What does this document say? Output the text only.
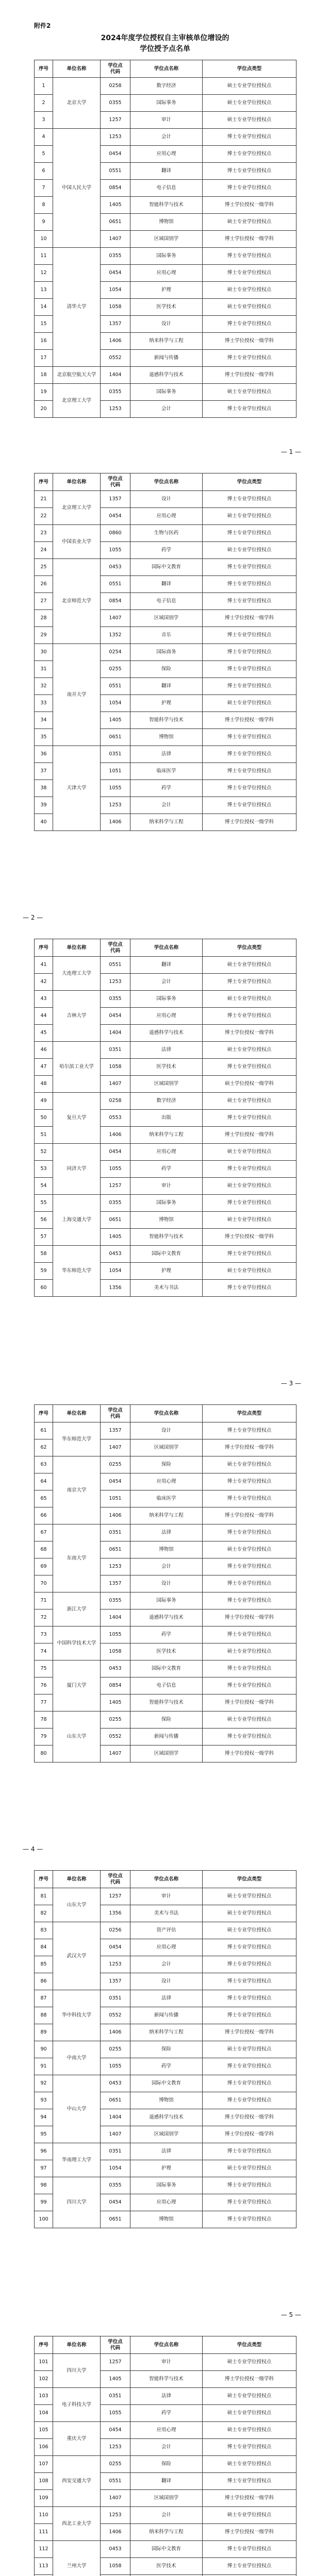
附件2
2024年度学位授权自主审核单位增设的
学位授予点名单
序号	单位名称	学位点代码	学位点名称	学位点类型
1	北京大学	0258	数字经济	硕士专业学位授权点
2		0355	国际事务	硕士专业学位授权点
3		1257	审计	硕士专业学位授权点
4	中国人民大学	1253	会计	博士专业学位授权点
5		0454	应用心理	博士专业学位授权点
6		0551	翻译	博士专业学位授权点
7		0854	电子信息	博士专业学位授权点
8		1405	智能科学与技术	博士学位授权一级学科
9		0651	博物馆	硕士专业学位授权点
10		1407	区域国别学	博士学位授权一级学科
11	清华大学	0355	国际事务	博士专业学位授权点
12		0454	应用心理	博士专业学位授权点
13		1054	护理	硕士专业学位授权点
14		1058	医学技术	硕士专业学位授权点
15		1357	设计	博士专业学位授权点
16		1406	纳米科学与工程	博士学位授权一级学科
17		0552	新闻与传播	博士专业学位授权点
18	北京航空航天大学	1404	遥感科学与技术	博士学位授权一级学科
19	北京理工大学	0355	国际事务	硕士专业学位授权点
20		1253	会计	博士专业学位授权点
— 1 —
序号	单位名称	学位点代码	学位点名称	学位点类型
21	北京理工大学	1357	设计	博士专业学位授权点
22		0454	应用心理	硕士专业学位授权点
23	中国农业大学	0860	生物与医药	博士专业学位授权点
24		1055	药学	硕士专业学位授权点
25	北京师范大学	0453	国际中文教育	博士专业学位授权点
26		0551	翻译	博士专业学位授权点
27		0854	电子信息	博士专业学位授权点
28		1407	区域国别学	博士学位授权一级学科
29		1352	音乐	博士专业学位授权点
30	南开大学	0254	国际商务	博士专业学位授权点
31		0255	保险	博士专业学位授权点
32		0551	翻译	博士专业学位授权点
33		1054	护理	硕士专业学位授权点
34		1405	智能科学与技术	博士学位授权一级学科
35		0651	博物馆	博士专业学位授权点
36	天津大学	0351	法律	博士专业学位授权点
37		1051	临床医学	博士专业学位授权点
38		1055	药学	博士专业学位授权点
39		1253	会计	博士专业学位授权点
40		1406	纳米科学与工程	博士学位授权一级学科
— 2 —
序号	单位名称	学位点代码	学位点名称	学位点类型
41	大连理工大学	0551	翻译	硕士专业学位授权点
42		1253	会计	博士专业学位授权点
43	吉林大学	0355	国际事务	硕士专业学位授权点
44		0454	应用心理	博士专业学位授权点
45		1404	遥感科学与技术	博士学位授权一级学科
46	哈尔滨工业大学	0351	法律	硕士专业学位授权点
47		1058	医学技术	博士专业学位授权点
48		1407	区域国别学	硕士学位授权一级学科
49	复旦大学	0258	数字经济	硕士专业学位授权点
50		0553	出版	博士专业学位授权点
51		1406	纳米科学与工程	博士学位授权一级学科
52	同济大学	0454	应用心理	硕士专业学位授权点
53		1055	药学	博士专业学位授权点
54		1257	审计	硕士专业学位授权点
55	上海交通大学	0355	国际事务	博士专业学位授权点
56		0651	博物馆	硕士专业学位授权点
57		1405	智能科学与技术	博士学位授权一级学科
58	华东师范大学	0453	国际中文教育	博士专业学位授权点
59		1054	护理	硕士专业学位授权点
60		1356	美术与书法	博士专业学位授权点
— 3 —
序号	单位名称	学位点代码	学位点名称	学位点类型
61	华东师范大学	1357	设计	博士专业学位授权点
62		1407	区域国别学	博士学位授权一级学科
63	南京大学	0255	保险	硕士专业学位授权点
64		0454	应用心理	博士专业学位授权点
65		1051	临床医学	博士专业学位授权点
66		1406	纳米科学与工程	博士学位授权一级学科
67	东南大学	0351	法律	博士专业学位授权点
68		0651	博物馆	硕士专业学位授权点
69		1253	会计	博士专业学位授权点
70		1357	设计	博士专业学位授权点
71	浙江大学	0355	国际事务	博士专业学位授权点
72		1404	遥感科学与技术	博士学位授权一级学科
73	中国科学技术大学	1055	药学	博士专业学位授权点
74		1058	医学技术	硕士专业学位授权点
75	厦门大学	0453	国际中文教育	博士专业学位授权点
76		0854	电子信息	博士专业学位授权点
77		1405	智能科学与技术	博士学位授权一级学科
78	山东大学	0255	保险	硕士专业学位授权点
79		0552	新闻与传播	博士专业学位授权点
80		1407	区域国别学	博士学位授权一级学科
— 4 —
序号	单位名称	学位点代码	学位点名称	学位点类型
81	山东大学	1257	审计	硕士专业学位授权点
82		1356	美术与书法	硕士专业学位授权点
83	武汉大学	0256	资产评估	硕士专业学位授权点
84		0454	应用心理	博士专业学位授权点
85		1253	会计	博士专业学位授权点
86		1357	设计	博士专业学位授权点
87	华中科技大学	0351	法律	博士专业学位授权点
88		0552	新闻与传播	博士专业学位授权点
89		1406	纳米科学与工程	博士学位授权一级学科
90	中南大学	0255	保险	硕士专业学位授权点
91		1055	药学	博士专业学位授权点
92	中山大学	0453	国际中文教育	博士专业学位授权点
93		0651	博物馆	博士专业学位授权点
94		1404	遥感科学与技术	博士学位授权一级学科
95		1407	区域国别学	博士学位授权一级学科
96	华南理工大学	0351	法律	博士专业学位授权点
97		1054	护理	硕士专业学位授权点
98	四川大学	0355	国际事务	博士专业学位授权点
99		0454	应用心理	博士专业学位授权点
100		0651	博物馆	博士专业学位授权点
— 5 —
序号	单位名称	学位点代码	学位点名称	学位点类型
101	四川大学	1257	审计	硕士专业学位授权点
102		1405	智能科学与技术	博士学位授权一级学科
103	电子科技大学	0351	法律	硕士专业学位授权点
104		1055	药学	硕士专业学位授权点
105	重庆大学	0454	应用心理	硕士专业学位授权点
106		1253	会计	博士专业学位授权点
107	西安交通大学	0255	保险	硕士专业学位授权点
108		0551	翻译	博士专业学位授权点
109		1407	区域国别学	博士学位授权一级学科
110	西北工业大学	1253	会计	硕士专业学位授权点
111		1406	纳米科学与工程	博士学位授权一级学科
112	兰州大学	0453	国际中文教育	博士专业学位授权点
113		1058	医学技术	博士专业学位授权点
